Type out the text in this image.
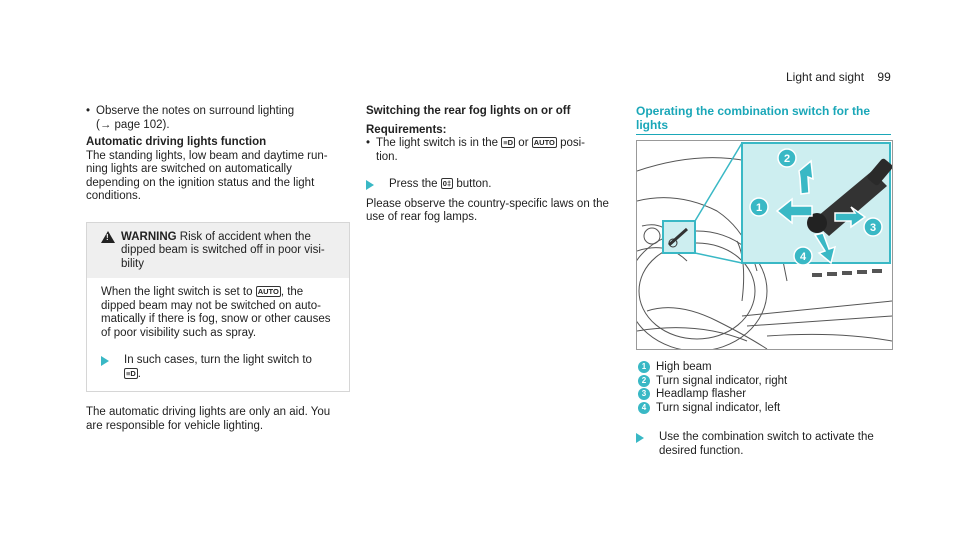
Light and sight 99
• Observe the notes on surround lighting
(→ page 102).
Automatic driving lights function
The standing lights, low beam and daytime run-
ning lights are switched on automatically
depending on the ignition status and the light
conditions.
!
WARNING Risk of accident when the
dipped beam is switched off in poor visi-
bility
When the light switch is set to AUTO , the
dipped beam may not be switched on auto-
matically if there is fog, snow or other causes
of poor visibility such as spray.
In such cases, turn the light switch to
≡D .
The automatic driving lights are only an aid. You
are responsible for vehicle lighting.
Switching the rear fog lights on or off
Requirements:
• The light switch is in the ≡D or AUTO posi-
tion.
Press the 0‡ button.
Please observe the country-specific laws on the
use of rear fog lamps.
Operating the combination switch for the
lights
1
2
3
4
1 High beam
2 Turn signal indicator, right
3 Headlamp flasher
4 Turn signal indicator, left
Use the combination switch to activate the
desired function.
